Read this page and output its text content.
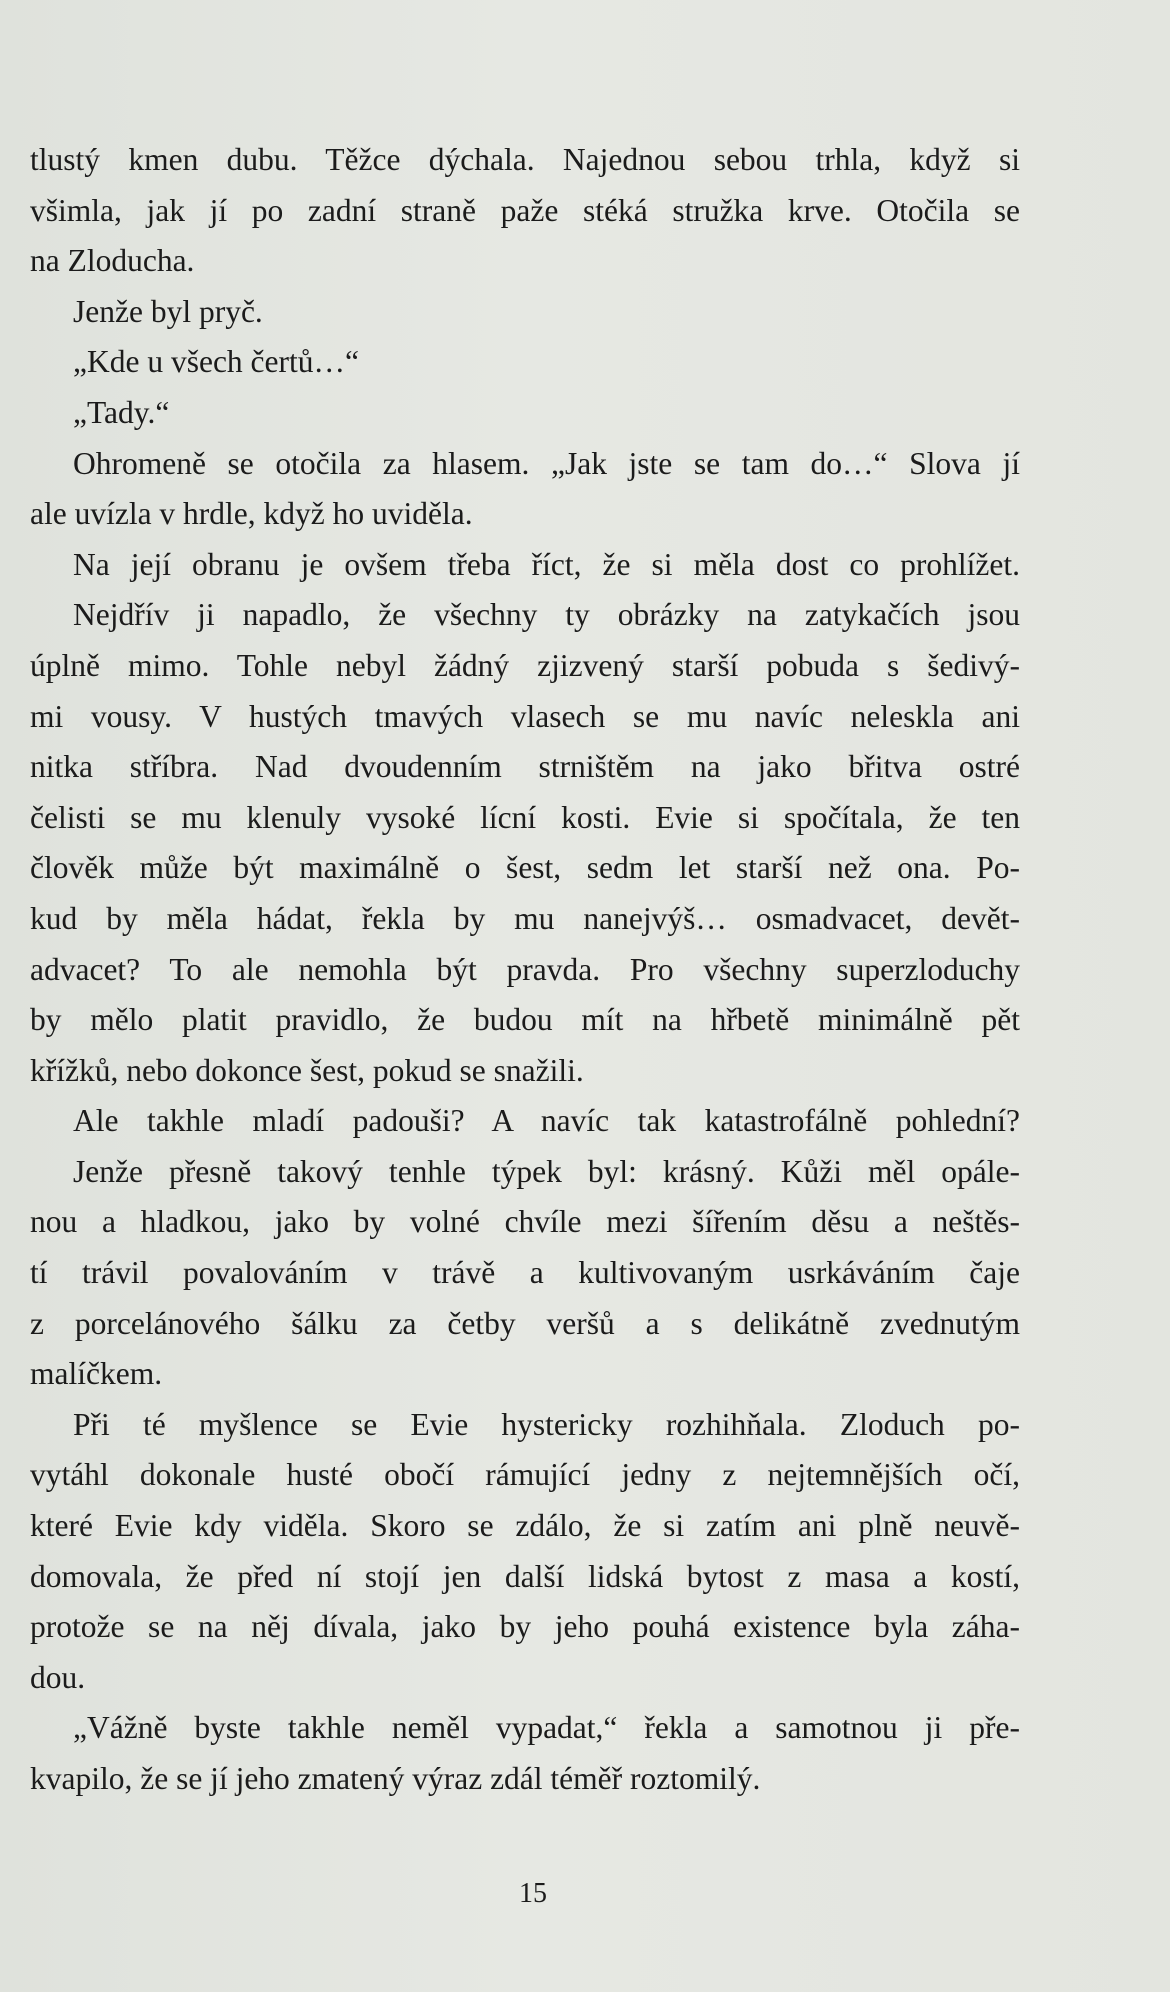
tlustý kmen dubu. Těžce dýchala. Najednou sebou trhla, když si
všimla, jak jí po zadní straně paže stéká stružka krve. Otočila se
na Zloducha.
Jenže byl pryč.
„Kde u všech čertů…“
„Tady.“
Ohromeně se otočila za hlasem. „Jak jste se tam do…“ Slova jí
ale uvízla v hrdle, když ho uviděla.
Na její obranu je ovšem třeba říct, že si měla dost co prohlížet.
Nejdřív ji napadlo, že všechny ty obrázky na zatykačích jsou
úplně mimo. Tohle nebyl žádný zjizvený starší pobuda s šedivý-
mi vousy. V hustých tmavých vlasech se mu navíc neleskla ani
nitka stříbra. Nad dvoudenním strništěm na jako břitva ostré
čelisti se mu klenuly vysoké lícní kosti. Evie si spočítala, že ten
člověk může být maximálně o šest, sedm let starší než ona. Po-
kud by měla hádat, řekla by mu nanejvýš… osmadvacet, devět-
advacet? To ale nemohla být pravda. Pro všechny superzloduchy
by mělo platit pravidlo, že budou mít na hřbetě minimálně pět
křížků, nebo dokonce šest, pokud se snažili.
Ale takhle mladí padouši? A navíc tak katastrofálně pohlední?
Jenže přesně takový tenhle týpek byl: krásný. Kůži měl opále-
nou a hladkou, jako by volné chvíle mezi šířením děsu a neštěs-
tí trávil povalováním v trávě a kultivovaným usrkáváním čaje
z porcelánového šálku za četby veršů a s delikátně zvednutým
malíčkem.
Při té myšlence se Evie hystericky rozhihňala. Zloduch po-
vytáhl dokonale husté obočí rámující jedny z nejtemnějších očí,
které Evie kdy viděla. Skoro se zdálo, že si zatím ani plně neuvě-
domovala, že před ní stojí jen další lidská bytost z masa a kostí,
protože se na něj dívala, jako by jeho pouhá existence byla záha-
dou.
„Vážně byste takhle neměl vypadat,“ řekla a samotnou ji pře-
kvapilo, že se jí jeho zmatený výraz zdál téměř roztomilý.
15
